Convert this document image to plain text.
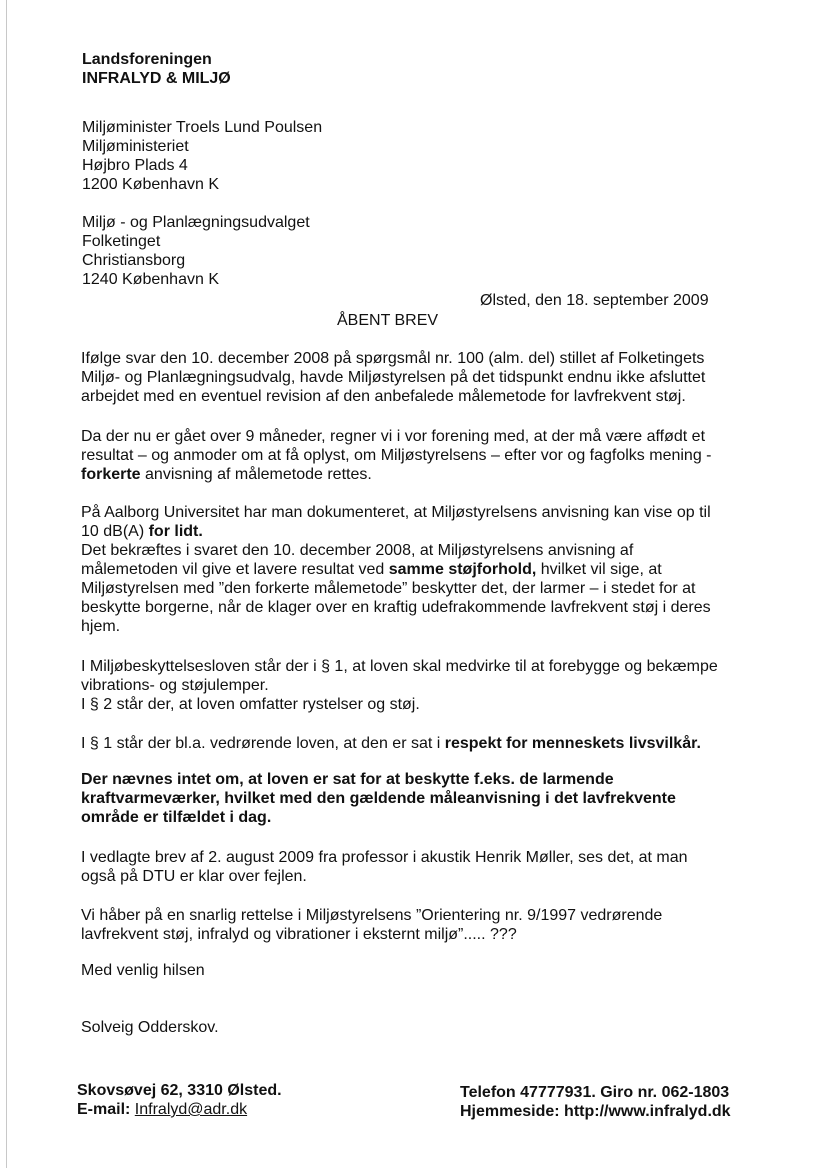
Landsforeningen
INFRALYD & MILJØ
Miljøminister Troels Lund Poulsen
Miljøministeriet
Højbro Plads 4
1200 København K
Miljø - og Planlægningsudvalget
Folketinget
Christiansborg
1240 København K
Ølsted, den 18. september 2009
ÅBENT BREV
Ifølge svar den 10. december 2008 på spørgsmål nr. 100 (alm. del) stillet af Folketingets
Miljø- og Planlægningsudvalg, havde Miljøstyrelsen på det tidspunkt endnu ikke afsluttet
arbejdet med en eventuel revision af den anbefalede målemetode for lavfrekvent støj.
Da der nu er gået over 9 måneder, regner vi i vor forening med, at der må være affødt et
resultat – og anmoder om at få oplyst, om Miljøstyrelsens – efter vor og fagfolks mening -
forkerte anvisning af målemetode rettes.
På Aalborg Universitet har man dokumenteret, at Miljøstyrelsens anvisning kan vise op til
10 dB(A) for lidt.
Det bekræftes i svaret den 10. december 2008, at Miljøstyrelsens anvisning af
målemetoden vil give et lavere resultat ved samme støjforhold, hvilket vil sige, at
Miljøstyrelsen med ”den forkerte målemetode” beskytter det, der larmer – i stedet for at
beskytte borgerne, når de klager over en kraftig udefrakommende lavfrekvent støj i deres
hjem.
I Miljøbeskyttelsesloven står der i § 1, at loven skal medvirke til at forebygge og bekæmpe
vibrations- og støjulemper.
I § 2 står der, at loven omfatter rystelser og støj.
I § 1 står der bl.a. vedrørende loven, at den er sat i respekt for menneskets livsvilkår.
Der nævnes intet om, at loven er sat for at beskytte f.eks. de larmende
kraftvarmeværker, hvilket med den gældende måleanvisning i det lavfrekvente
område er tilfældet i dag.
I vedlagte brev af 2. august 2009 fra professor i akustik Henrik Møller, ses det, at man
også på DTU er klar over fejlen.
Vi håber på en snarlig rettelse i Miljøstyrelsens ”Orientering nr. 9/1997 vedrørende
lavfrekvent støj, infralyd og vibrationer i eksternt miljø”..... ???
Med venlig hilsen
Solveig Odderskov.
Skovsøvej 62, 3310 Ølsted.
E-mail: Infralyd@adr.dk
Telefon 47777931. Giro nr. 062-1803
Hjemmeside: http://www.infralyd.dk
